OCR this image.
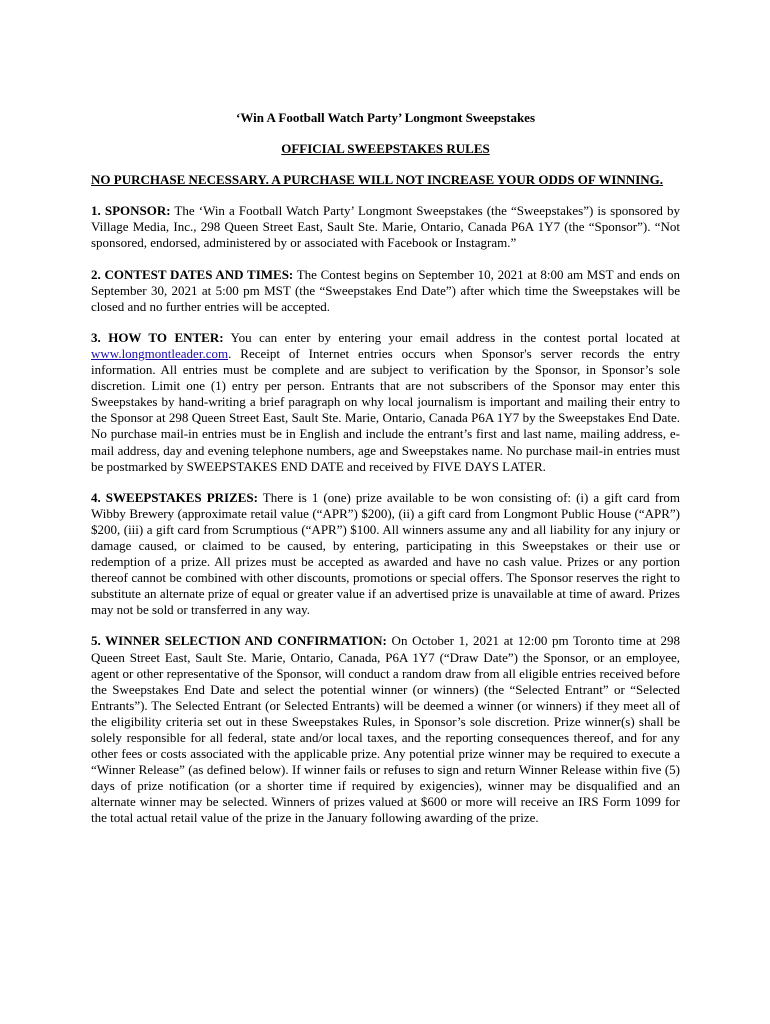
‘Win A Football Watch Party’ Longmont Sweepstakes

OFFICIAL SWEEPSTAKES RULES

NO PURCHASE NECESSARY. A PURCHASE WILL NOT INCREASE YOUR ODDS OF WINNING.

1. SPONSOR: The ‘Win a Football Watch Party’ Longmont Sweepstakes (the “Sweepstakes”) is sponsored by Village Media, Inc., 298 Queen Street East, Sault Ste. Marie, Ontario, Canada P6A 1Y7 (the “Sponsor”). “Not sponsored, endorsed, administered by or associated with Facebook or Instagram.”

2. CONTEST DATES AND TIMES: The Contest begins on September 10, 2021 at 8:00 am MST and ends on September 30, 2021 at 5:00 pm MST (the “Sweepstakes End Date”) after which time the Sweepstakes will be closed and no further entries will be accepted.

3. HOW TO ENTER: You can enter by entering your email address in the contest portal located at www.longmontleader.com. Receipt of Internet entries occurs when Sponsor's server records the entry information. All entries must be complete and are subject to verification by the Sponsor, in Sponsor’s sole discretion. Limit one (1) entry per person. Entrants that are not subscribers of the Sponsor may enter this Sweepstakes by hand-writing a brief paragraph on why local journalism is important and mailing their entry to the Sponsor at 298 Queen Street East, Sault Ste. Marie, Ontario, Canada P6A 1Y7 by the Sweepstakes End Date. No purchase mail-in entries must be in English and include the entrant’s first and last name, mailing address, e-mail address, day and evening telephone numbers, age and Sweepstakes name. No purchase mail-in entries must be postmarked by SWEEPSTAKES END DATE and received by FIVE DAYS LATER.

4. SWEEPSTAKES PRIZES: There is 1 (one) prize available to be won consisting of: (i) a gift card from Wibby Brewery (approximate retail value (“APR”) $200), (ii) a gift card from Longmont Public House (“APR”) $200, (iii) a gift card from Scrumptious (“APR”) $100. All winners assume any and all liability for any injury or damage caused, or claimed to be caused, by entering, participating in this Sweepstakes or their use or redemption of a prize. All prizes must be accepted as awarded and have no cash value. Prizes or any portion thereof cannot be combined with other discounts, promotions or special offers. The Sponsor reserves the right to substitute an alternate prize of equal or greater value if an advertised prize is unavailable at time of award. Prizes may not be sold or transferred in any way.

5. WINNER SELECTION AND CONFIRMATION: On October 1, 2021 at 12:00 pm Toronto time at 298 Queen Street East, Sault Ste. Marie, Ontario, Canada, P6A 1Y7 (“Draw Date”) the Sponsor, or an employee, agent or other representative of the Sponsor, will conduct a random draw from all eligible entries received before the Sweepstakes End Date and select the potential winner (or winners) (the “Selected Entrant” or “Selected Entrants”). The Selected Entrant (or Selected Entrants) will be deemed a winner (or winners) if they meet all of the eligibility criteria set out in these Sweepstakes Rules, in Sponsor’s sole discretion. Prize winner(s) shall be solely responsible for all federal, state and/or local taxes, and the reporting consequences thereof, and for any other fees or costs associated with the applicable prize. Any potential prize winner may be required to execute a “Winner Release” (as defined below). If winner fails or refuses to sign and return Winner Release within five (5) days of prize notification (or a shorter time if required by exigencies), winner may be disqualified and an alternate winner may be selected. Winners of prizes valued at $600 or more will receive an IRS Form 1099 for the total actual retail value of the prize in the January following awarding of the prize.
